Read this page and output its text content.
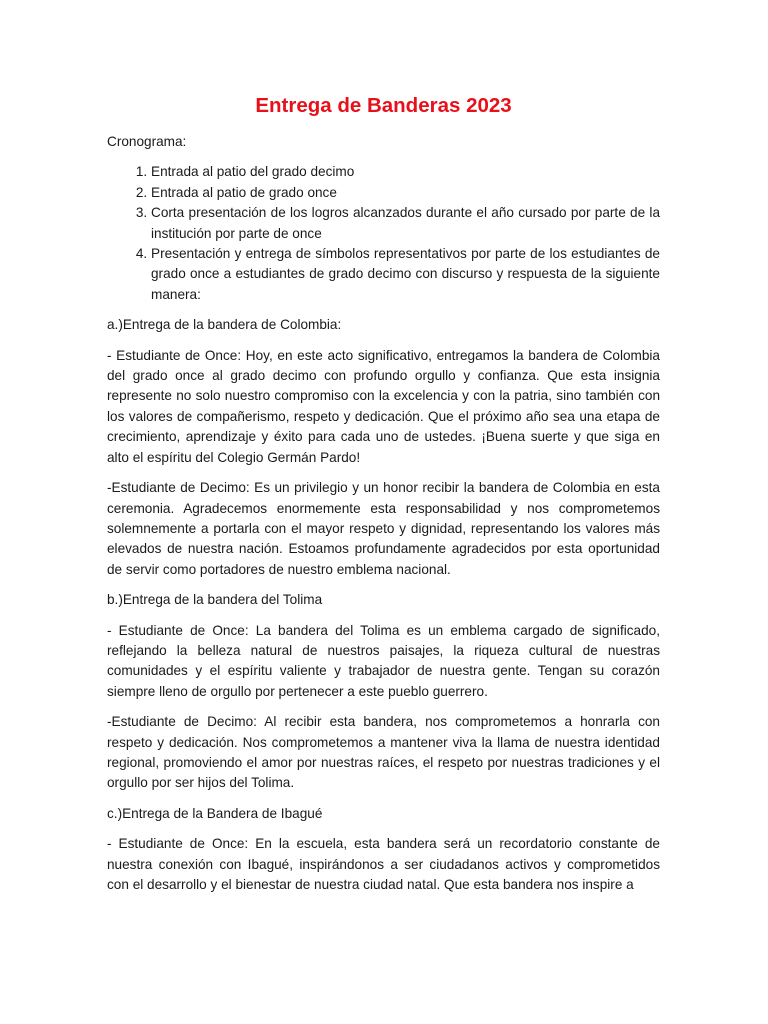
Entrega de Banderas 2023
Cronograma:
1. Entrada al patio del grado decimo
2. Entrada al patio de grado once
3. Corta presentación de los logros alcanzados durante el año cursado por parte de la institución por parte de once
4. Presentación y entrega de símbolos representativos por parte de los estudiantes de grado once a estudiantes de grado decimo con discurso y respuesta de la siguiente manera:
a.)Entrega de la bandera de Colombia:
- Estudiante de Once: Hoy, en este acto significativo, entregamos la bandera de Colombia del grado once al grado decimo con profundo orgullo y confianza. Que esta insignia represente no solo nuestro compromiso con la excelencia y con la patria, sino también con los valores de compañerismo, respeto y dedicación. Que el próximo año sea una etapa de crecimiento, aprendizaje y éxito para cada uno de ustedes. ¡Buena suerte y que siga en alto el espíritu del Colegio Germán Pardo!
-Estudiante de Decimo: Es un privilegio y un honor recibir la bandera de Colombia en esta ceremonia. Agradecemos enormemente esta responsabilidad y nos comprometemos solemnemente a portarla con el mayor respeto y dignidad, representando los valores más elevados de nuestra nación. Estoamos profundamente agradecidos por esta oportunidad de servir como portadores de nuestro emblema nacional.
b.)Entrega de la bandera del Tolima
- Estudiante de Once: La bandera del Tolima es un emblema cargado de significado, reflejando la belleza natural de nuestros paisajes, la riqueza cultural de nuestras comunidades y el espíritu valiente y trabajador de nuestra gente. Tengan su corazón siempre lleno de orgullo por pertenecer a este pueblo guerrero.
-Estudiante de Decimo: Al recibir esta bandera, nos comprometemos a honrarla con respeto y dedicación. Nos comprometemos a mantener viva la llama de nuestra identidad regional, promoviendo el amor por nuestras raíces, el respeto por nuestras tradiciones y el orgullo por ser hijos del Tolima.
c.)Entrega de la Bandera de Ibagué
- Estudiante de Once: En la escuela, esta bandera será un recordatorio constante de nuestra conexión con Ibagué, inspirándonos a ser ciudadanos activos y comprometidos con el desarrollo y el bienestar de nuestra ciudad natal. Que esta bandera nos inspire a
